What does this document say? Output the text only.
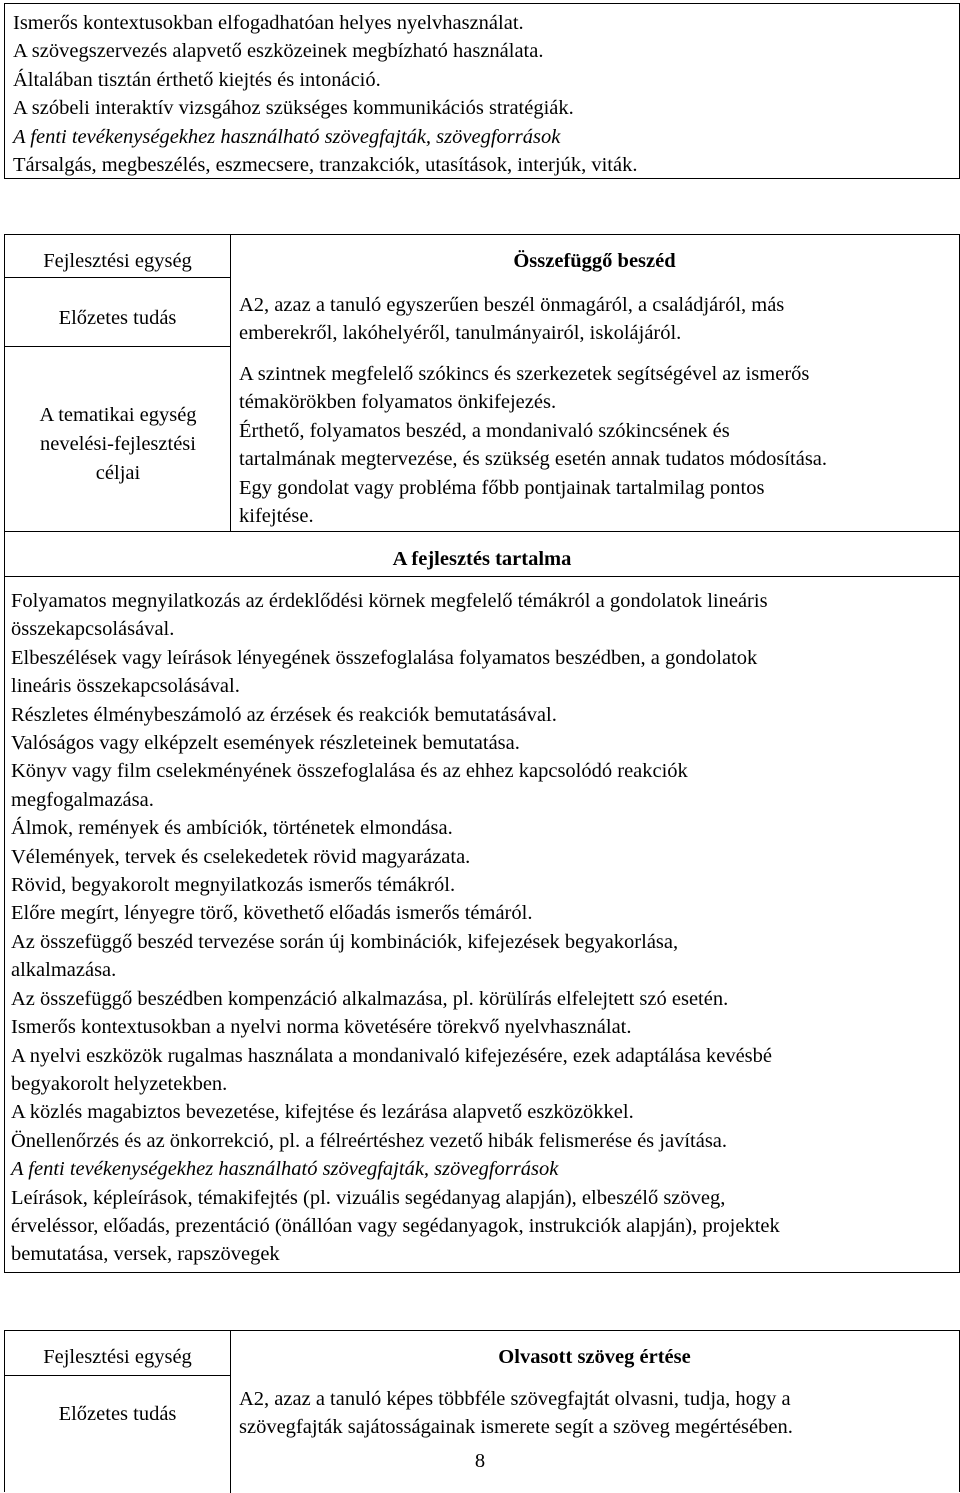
Ismerős kontextusokban elfogadhatóan helyes nyelvhasználat.
A szövegszervezés alapvető eszközeinek megbízható használata.
Általában tisztán érthető kiejtés és intonáció.
A szóbeli interaktív vizsgához szükséges kommunikációs stratégiák.
A fenti tevékenységekhez használható szövegfajták, szövegforrások
Társalgás, megbeszélés, eszmecsere, tranzakciók, utasítások, interjúk, viták.
Fejlesztési egység	Összefüggő beszéd
Előzetes tudás
A2, azaz a tanuló egyszerűen beszél önmagáról, a családjáról, más
emberekről, lakóhelyéről, tanulmányairól, iskolájáról.
A tematikai egység nevelési-fejlesztési céljai
A szintnek megfelelő szókincs és szerkezetek segítségével az ismerős
témakörökben folyamatos önkifejezés.
Érthető, folyamatos beszéd, a mondanivaló szókincsének és
tartalmának megtervezése, és szükség esetén annak tudatos módosítása.
Egy gondolat vagy probléma főbb pontjainak tartalmilag pontos
kifejtése.
A fejlesztés tartalma
Folyamatos megnyilatkozás az érdeklődési körnek megfelelő témákról a gondolatok lineáris
összekapcsolásával.
Elbeszélések vagy leírások lényegének összefoglalása folyamatos beszédben, a gondolatok
lineáris összekapcsolásával.
Részletes élménybeszámoló az érzések és reakciók bemutatásával.
Valóságos vagy elképzelt események részleteinek bemutatása.
Könyv vagy film cselekményének összefoglalása és az ehhez kapcsolódó reakciók
megfogalmazása.
Álmok, remények és ambíciók, történetek elmondása.
Vélemények, tervek és cselekedetek rövid magyarázata.
Rövid, begyakorolt megnyilatkozás ismerős témákról.
Előre megírt, lényegre törő, követhető előadás ismerős témáról.
Az összefüggő beszéd tervezése során új kombinációk, kifejezések begyakorlása,
alkalmazása.
Az összefüggő beszédben kompenzáció alkalmazása, pl. körülírás elfelejtett szó esetén.
Ismerős kontextusokban a nyelvi norma követésére törekvő nyelvhasználat.
A nyelvi eszközök rugalmas használata a mondanivaló kifejezésére, ezek adaptálása kevésbé
begyakorolt helyzetekben.
A közlés magabiztos bevezetése, kifejtése és lezárása alapvető eszközökkel.
Önellenőrzés és az önkorrekció, pl. a félreértéshez vezető hibák felismerése és javítása.
A fenti tevékenységekhez használható szövegfajták, szövegforrások
Leírások, képleírások, témakifejtés (pl. vizuális segédanyag alapján), elbeszélő szöveg,
érveléssor, előadás, prezentáció (önállóan vagy segédanyagok, instrukciók alapján), projektek
bemutatása, versek, rapszövegek
Fejlesztési egység	Olvasott szöveg értése
Előzetes tudás
A2, azaz a tanuló képes többféle szövegfajtát olvasni, tudja, hogy a
szövegfajták sajátosságainak ismerete segít a szöveg megértésében.
8
